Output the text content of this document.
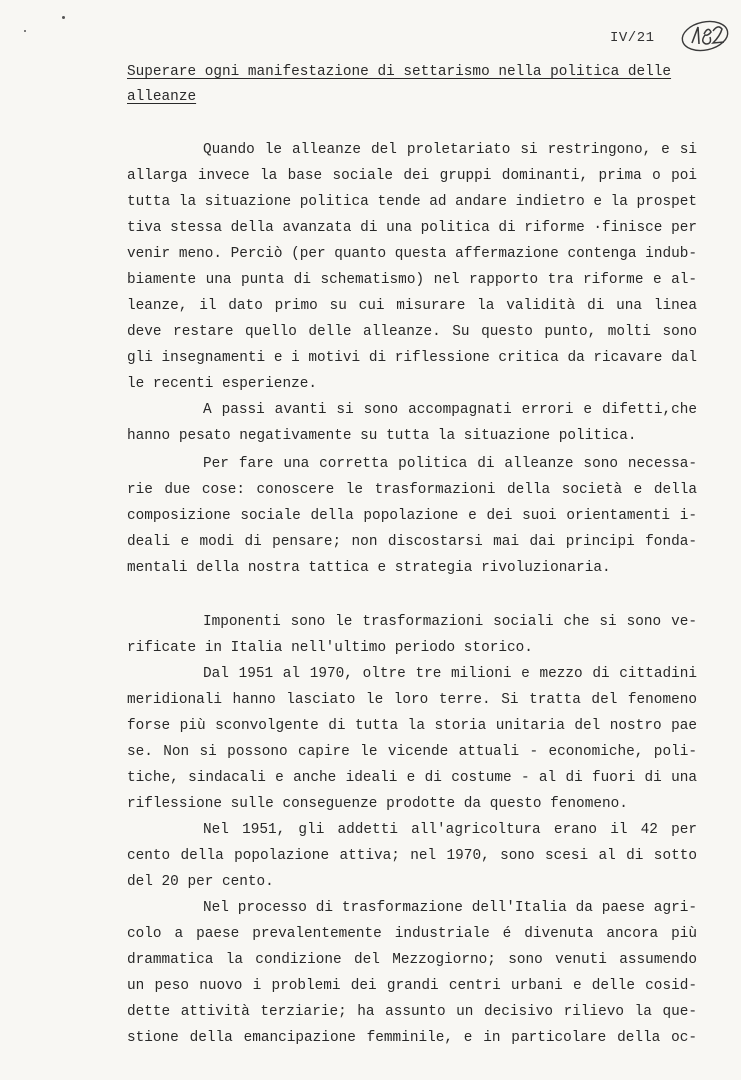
IV/21
Superare ogni manifestazione di settarismo nella politica delle alleanze
Quando le alleanze del proletariato si restringono, e si
allarga invece la base sociale dei gruppi dominanti, prima o poi
tutta la situazione politica tende ad andare indietro e la prospet
tiva stessa della avanzata di una politica di riforme ·finisce per
venir meno. Perciò (per quanto questa affermazione contenga indub-
biamente una punta di schematismo) nel rapporto tra riforme e al-
leanze, il dato primo su cui misurare la validità di una linea
deve restare quello delle alleanze. Su questo punto, molti sono
gli insegnamenti e i motivi di riflessione critica da ricavare dal
le recenti esperienze.
A passi avanti si sono accompagnati errori e difetti,che
hanno pesato negativamente su tutta la situazione politica.
Per fare una corretta politica di alleanze sono necessa-
rie due cose: conoscere le trasformazioni della società e della
composizione sociale della popolazione e dei suoi orientamenti i-
deali e modi di pensare; non discostarsi mai dai principi fonda-
mentali della nostra tattica e strategia rivoluzionaria.
Imponenti sono le trasformazioni sociali che si sono ve-
rificate in Italia nell'ultimo periodo storico.
Dal 1951 al 1970, oltre tre milioni e mezzo di cittadini
meridionali hanno lasciato le loro terre. Si tratta del fenomeno
forse più sconvolgente di tutta la storia unitaria del nostro pae
se. Non si possono capire le vicende attuali - economiche, poli-
tiche, sindacali e anche ideali e di costume - al di fuori di una
riflessione sulle conseguenze prodotte da questo fenomeno.
Nel 1951, gli addetti all'agricoltura erano il 42 per
cento della popolazione attiva; nel 1970, sono scesi al di sotto
del 20 per cento.
Nel processo di trasformazione dell'Italia da paese agri-
colo a paese prevalentemente industriale é divenuta ancora più
drammatica la condizione del Mezzogiorno; sono venuti assumendo
un peso nuovo i problemi dei grandi centri urbani e delle cosid-
dette attività terziarie; ha assunto un decisivo rilievo la que-
stione della emancipazione femminile, e in particolare della oc-
